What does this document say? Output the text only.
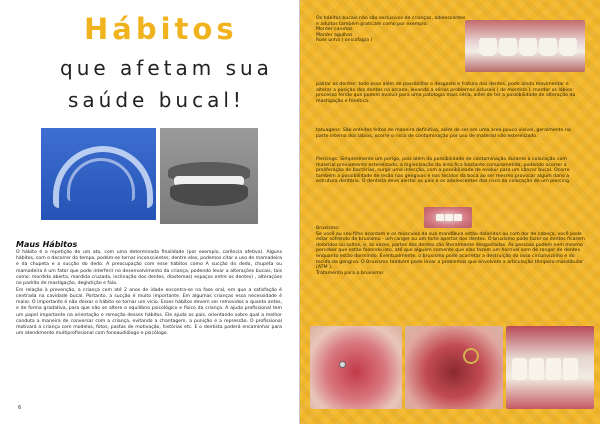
Hábitos
que afetam sua
saúde bucal!
Maus Hábitos

O hábito é a repetição de um ato, com uma determinada finalidade (por exemplo, carência afetiva). Alguns hábitos, com o decorrer do tempo, podem-se tornar inconscientes; dentre eles, podemos citar o uso de mamadeira e da chupeta e a sucção do dedo. A preocupação com esse hábitos como A sucção do dedo, chupeta ou mamadeira é um fator que pode interferir no desenvolvimento da criança, podendo levar a alterações bucais, tais como: mordida aberta, mordida cruzada, inclinação dos dentes, diastemas( espaços entre os dentes) , alterações no padrão de mastigação, deglutição e fala.

Em relação à prevenção, a criança com até 2 anos de idade encontra-se na fase oral, em que a satisfação é centrada na cavidade bucal. Portanto, a sucção é muito importante. Em algumas crianças essa necessidade é maior. O importante é não deixar o hábito se tornar um vício. Esses hábitos devem ser removidos o quanto antes, e de forma gradativa, para que não se altere o equilíbrio psicológico e físico da criança. A ajuda profissional tem um papel importante na orientação e remoção desses hábitos. Ele ajuda os pais, orientando sobre qual a melhor conduta a maneira de conversar com a criança, evitando a chantagem, a punição e a repressão. O profissional motivará a criança com modelos, fotos, pastas de motivação, histórias etc. E o dentista poderá encaminhar para um atendimento multiprofissional com fonoaudiólogo e psicólogo.

6

Os hábitos bucais não são exclusivos de crianças, adolescentes e adultos também praticam como por exemplo:

Morder canetas

Morder agulhas

Roer unha ( onicofagia )

palitar os dentes: todo esse além de possibilitar o desgaste e fratura dos dentes, pode ainda movimentar e alterar a posição dos dentes na arcada, levando a sérios problemas oclusais ( de mordida ). morder os lábios: processo ferido que podem evoluir para uma patologia mais séria, além de ter a possibilidade de alteração da mastigação e fonética.
tatuagens: São enfeites feitos de maneira definitiva, além de ser em uma área pouco visível, geralmente na parte interna dos lábios, ocorre o risco de contaminação por uso de material não esterelizado.
Piercings: Simplesmente um perigo, pois além da possibilidade de contaminação durante a colocação com material previamente esterelizado, a higienização da área fica bastante comprometida, podendo ocorrer a proliferação de bactérias, surgir uma infecção, com a possibilidade de evoluir para um câncer bucal. Ocorre também a possibilidade de lesão nas gengivas e nos tecidos da boca ao ser mesmo provocar algum dano a estrutura dentária. O dentista deve alertar os pais e os adolescentes dos risco da colocação de um piercing.

Bruxismo:

Se você ou seu filho acordam e os músculos da sua mandíbula estão doloridos ou com dor de cabeça, você pode estar sofrendo de bruxismo - um ranger ou um forte apertar dos dentes. O bruxismo pode fazer os dentes ficarem doloridos ou soltos, e, às vezes, partes dos dentes são literalmente desgastadas. As pessoas podem nem mesmo perceber que estão fazendo isto, até que alguém comente que elas fazem um horrível som de ranger de dentes enquanto estão dormindo. Eventualmente, o bruxismo pode acarretar a destruição do osso circunvizinho e do tecido da gengiva. O Bruxismo também pode levar a problemas que envolvem a articulação têmporo-mandibular (ATM ).

Tratamento para o bruxismo:
